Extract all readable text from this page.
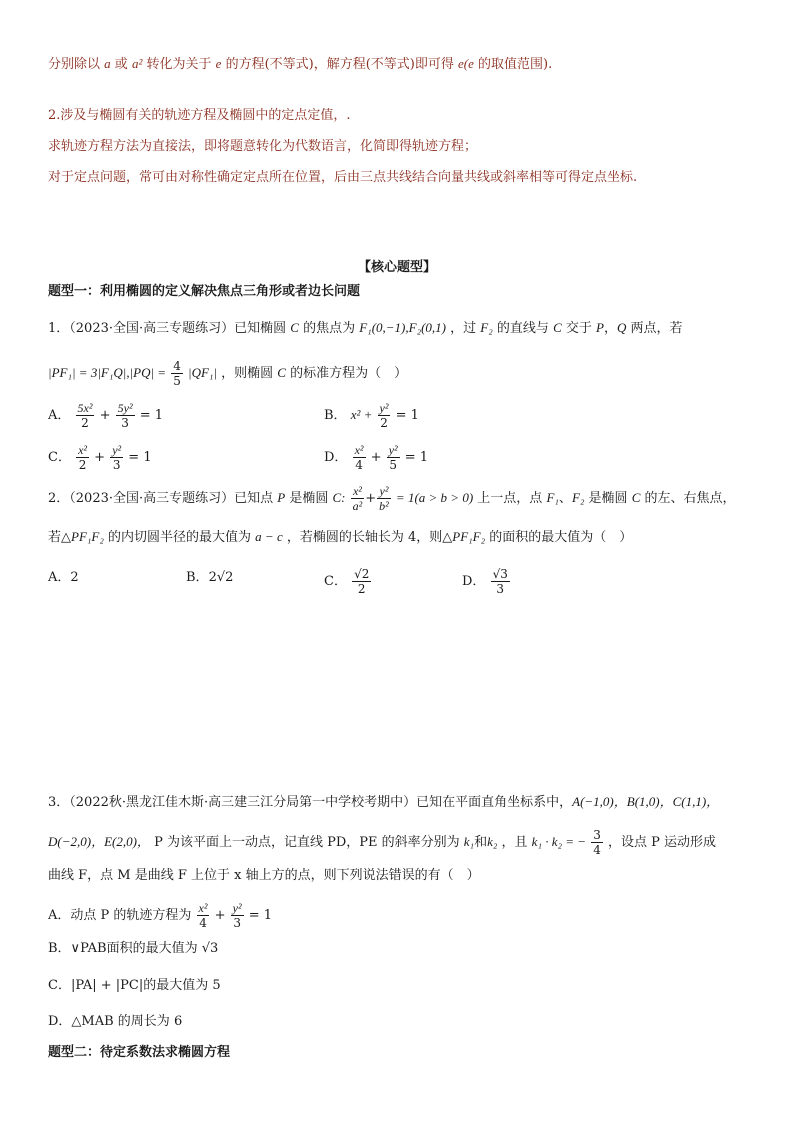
分别除以 a 或 a² 转化为关于 e 的方程(不等式)，解方程(不等式)即可得 e(e 的取值范围).
2.涉及与椭圆有关的轨迹方程及椭圆中的定点定值，.
求轨迹方程方法为直接法，即将题意转化为代数语言，化简即得轨迹方程；
对于定点问题，常可由对称性确定定点所在位置，后由三点共线结合向量共线或斜率相等可得定点坐标.
【核心题型】
题型一：利用椭圆的定义解决焦点三角形或者边长问题
1．（2023·全国·高三专题练习）已知椭圆 C 的焦点为 F₁(0,−1),F₂(0,1) ，过 F₂ 的直线与 C 交于 P，Q 两点，若
$|PF_1| = 3|F_1Q|,|PQ| = \frac{4}{5} |QF_1|$ ，则椭圆 C 的标准方程为（　）
A． $\frac{\text{5x²}}{2} + \frac{\text{5y²}}{3} = 1$	B． $x^2 + \frac{\text{y²}}{2} = 1$
C． $\frac{\text{x²}}{2} + \frac{\text{y²}}{3} = 1$	D． $\frac{\text{x²}}{4} + \frac{\text{y²}}{5} = 1$
2．（2023·全国·高三专题练习）已知点 P 是椭圆 C: $\frac{\text{x²}}{\text{a²}} + \frac{\text{y²}}{\text{b²}} = 1(a > b > 0)$ 上一点，点 F₁、F₂ 是椭圆 C 的左、右焦点，
若△PF₁F₂ 的内切圆半径的最大值为 a − c ，若椭圆的长轴长为 4，则△PF₁F₂ 的面积的最大值为（　）
A．2	B．2√2	C． $\frac{√2}{2}$	D． $\frac{√3}{3}$
3．（2022秋·黑龙江佳木斯·高三建三江分局第一中学校考期中）已知在平面直角坐标系中，A(−1,0)，B(1,0)，C(1,1)，
D(−2,0)，E(2,0)， P 为该平面上一动点，记直线 PD，PE 的斜率分别为 k₁和k₂ ，且 k₁ · k₂ = − $\frac{3}{4}$ ，设点 P 运动形成
曲线 F，点 M 是曲线 F 上位于 x 轴上方的点，则下列说法错误的有（　）
A．动点 P 的轨迹方程为 $\frac{\text{x²}}{4} + \frac{\text{y²}}{3} = 1$
B．∨PAB面积的最大值为 √3
C．|PA| + |PC|的最大值为 5
D．△MAB 的周长为 6
题型二：待定系数法求椭圆方程
